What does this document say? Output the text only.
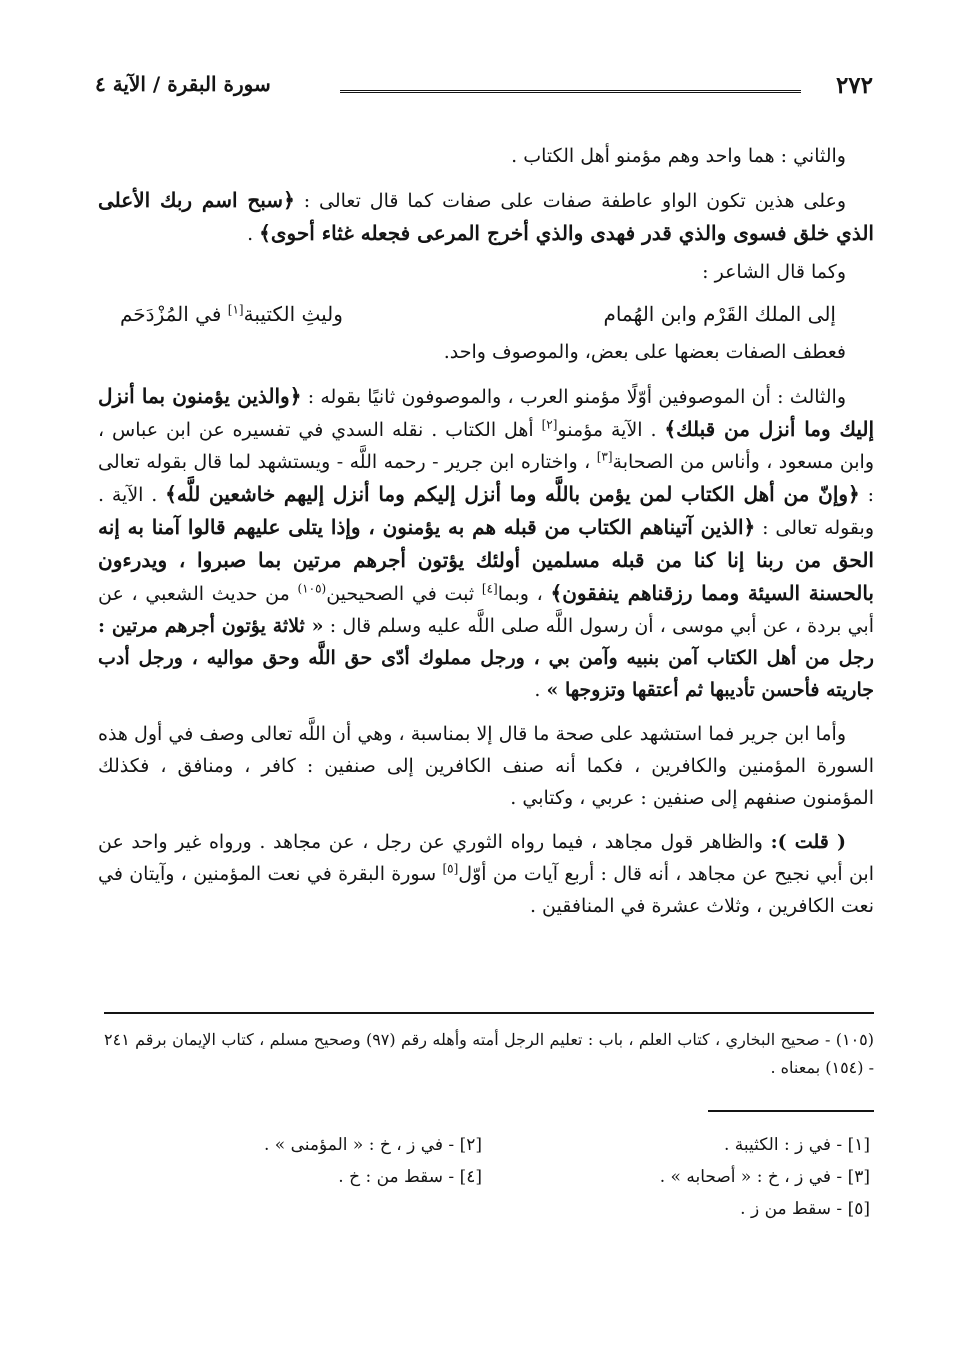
٢٧٢
سورة البقرة / الآية ٤

والثاني : هما واحد وهم مؤمنو أهل الكتاب .

وعلى هذين تكون الواو عاطفة صفات على صفات كما قال تعالى : ﴿سبح اسم ربك الأعلى الذي خلق فسوى والذي قدر فهدى والذي أخرج المرعى فجعله غثاء أحوى﴾ .

وكما قال الشاعر :

إلى الملك القَرْم وابن الهُمام
وليثِ الكتيبة[١] في المُزْدَحَم

فعطف الصفات بعضها على بعض، والموصوف واحد.

والثالث : أن الموصوفين أوّلًا مؤمنو العرب ، والموصوفون ثانيًا بقوله : ﴿والذين يؤمنون بما أنزل إليك وما أنزل من قبلك﴾ . الآية مؤمنو[٢] أهل الكتاب . نقله السدي في تفسيره عن ابن عباس ، وابن مسعود ، وأناس من الصحابة[٣] ، واختاره ابن جرير - رحمه اللَّه - ويستشهد لما قال بقوله تعالى : ﴿وإنّ من أهل الكتاب لمن يؤمن باللَّه وما أنزل إليكم وما أنزل إليهم خاشعين للَّه﴾ . الآية . وبقوله تعالى : ﴿الذين آتيناهم الكتاب من قبله هم به يؤمنون ، وإذا يتلى عليهم قالوا آمنا به إنه الحق من ربنا إنا كنا من قبله مسلمين أولئك يؤتون أجرهم مرتين بما صبروا ، ويدرءون بالحسنة السيئة ومما رزقناهم ينفقون﴾ ، وبما[٤] ثبت في الصحيحين$^{(١٠٥)}$ من حديث الشعبي ، عن أبي بردة ، عن أبي موسى ، أن رسول اللَّه صلى اللَّه عليه وسلم قال : « ثلاثة يؤتون أجرهم مرتين : رجل من أهل الكتاب آمن بنبيه وآمن بي ، ورجل مملوك أدّى حق اللَّه وحق مواليه ، ورجل أدب جاريته فأحسن تأديبها ثم أعتقها وتزوجها » .

وأما ابن جرير فما استشهد على صحة ما قال إلا بمناسبة ، وهي أن اللَّه تعالى وصف في أول هذه السورة المؤمنين والكافرين ، فكما أنه صنف الكافرين إلى صنفين : كافر ، ومنافق ، فكذلك المؤمنون صنفهم إلى صنفين : عربي ، وكتابي .

( قلت ): والظاهر قول مجاهد ، فيما رواه الثوري عن رجل ، عن مجاهد . ورواه غير واحد عن ابن أبي نجيح عن مجاهد ، أنه قال : أربع آيات من أوّل[٥] سورة البقرة في نعت المؤمنين ، وآيتان في نعت الكافرين ، وثلاث عشرة في المنافقين .

(١٠٥) - صحيح البخاري ، كتاب العلم ، باب : تعليم الرجل أمته وأهله رقم (٩٧) وصحيح مسلم ، كتاب الإيمان برقم ٢٤١ - (١٥٤) بمعناه .
[١] - في ز : الكثيبة .
[٢] - في ز ، خ : « المؤمنى » .
[٣] - في ز ، خ : « أصحابه » .
[٤] - سقط من : خ .
[٥] - سقط من ز .
